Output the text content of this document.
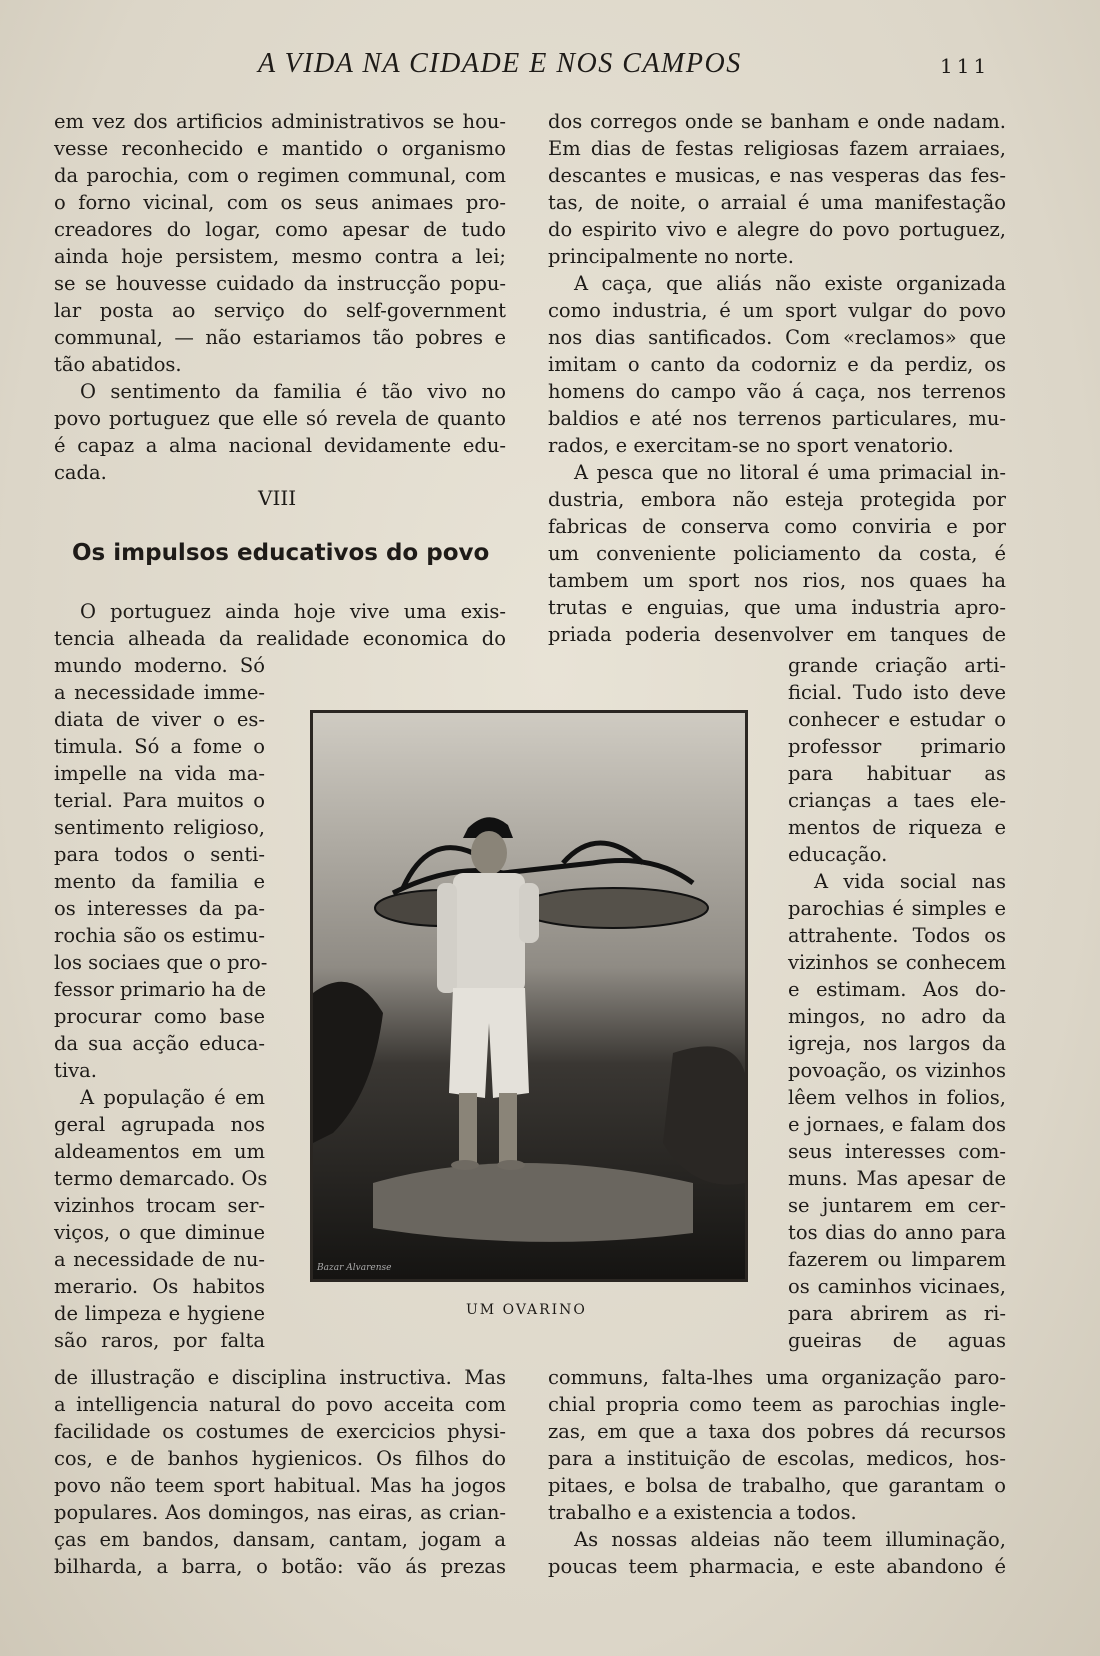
A VIDA NA CIDADE E NOS CAMPOS	111
em vez dos artificios administrativos se hou-
vesse reconhecido e mantido o organismo
da parochia, com o regimen communal, com
o forno vicinal, com os seus animaes pro-
creadores do logar, como apesar de tudo
ainda hoje persistem, mesmo contra a lei;
se se houvesse cuidado da instrucção popu-
lar posta ao serviço do self-government
communal, — não estariamos tão pobres e
tão abatidos.
O sentimento da familia é tão vivo no
povo portuguez que elle só revela de quanto
é capaz a alma nacional devidamente edu-
cada.
VIII
Os impulsos educativos do povo
O portuguez ainda hoje vive uma exis-
tencia alheada da realidade economica do
mundo moderno. Só
a necessidade imme-
diata de viver o es-
timula. Só a fome o
impelle na vida ma-
terial. Para muitos o
sentimento religioso,
para todos o senti-
mento da familia e
os interesses da pa-
rochia são os estimu-
los sociaes que o pro-
fessor primario ha de
procurar como base
da sua acção educa-
tiva.
A população é em
geral agrupada nos
aldeamentos em um
termo demarcado. Os
vizinhos trocam ser-
viços, o que diminue
a necessidade de nu-
merario. Os habitos
de limpeza e hygiene
são raros, por falta
de illustração e disciplina instructiva. Mas
a intelligencia natural do povo acceita com
facilidade os costumes de exercicios physi-
cos, e de banhos hygienicos. Os filhos do
povo não teem sport habitual. Mas ha jogos
populares. Aos domingos, nas eiras, as crian-
ças em bandos, dansam, cantam, jogam a
bilharda, a barra, o botão: vão ás prezas
dos corregos onde se banham e onde nadam.
Em dias de festas religiosas fazem arraiaes,
descantes e musicas, e nas vesperas das fes-
tas, de noite, o arraial é uma manifestação
do espirito vivo e alegre do povo portuguez,
principalmente no norte.
A caça, que aliás não existe organizada
como industria, é um sport vulgar do povo
nos dias santificados. Com «reclamos» que
imitam o canto da codorniz e da perdiz, os
homens do campo vão á caça, nos terrenos
baldios e até nos terrenos particulares, mu-
rados, e exercitam-se no sport venatorio.
A pesca que no litoral é uma primacial in-
dustria, embora não esteja protegida por
fabricas de conserva como conviria e por
um conveniente policiamento da costa, é
tambem um sport nos rios, nos quaes ha
trutas e enguias, que uma industria apro-
priada poderia desenvolver em tanques de
grande criação arti-
ficial. Tudo isto deve
conhecer e estudar o
professor primario
para habituar as
crianças a taes ele-
mentos de riqueza e
educação.
A vida social nas
parochias é simples e
attrahente. Todos os
vizinhos se conhecem
e estimam. Aos do-
mingos, no adro da
igreja, nos largos da
povoação, os vizinhos
lêem velhos in folios,
e jornaes, e falam dos
seus interesses com-
muns. Mas apesar de
se juntarem em cer-
tos dias do anno para
fazerem ou limparem
os caminhos vicinaes,
para abrirem as ri-
gueiras de aguas
communs, falta-lhes uma organização paro-
chial propria como teem as parochias ingle-
zas, em que a taxa dos pobres dá recursos
para a instituição de escolas, medicos, hos-
pitaes, e bolsa de trabalho, que garantam o
trabalho e a existencia a todos.
As nossas aldeias não teem illuminação,
poucas teem pharmacia, e este abandono é
Bazar Alvarense
UM OVARINO
